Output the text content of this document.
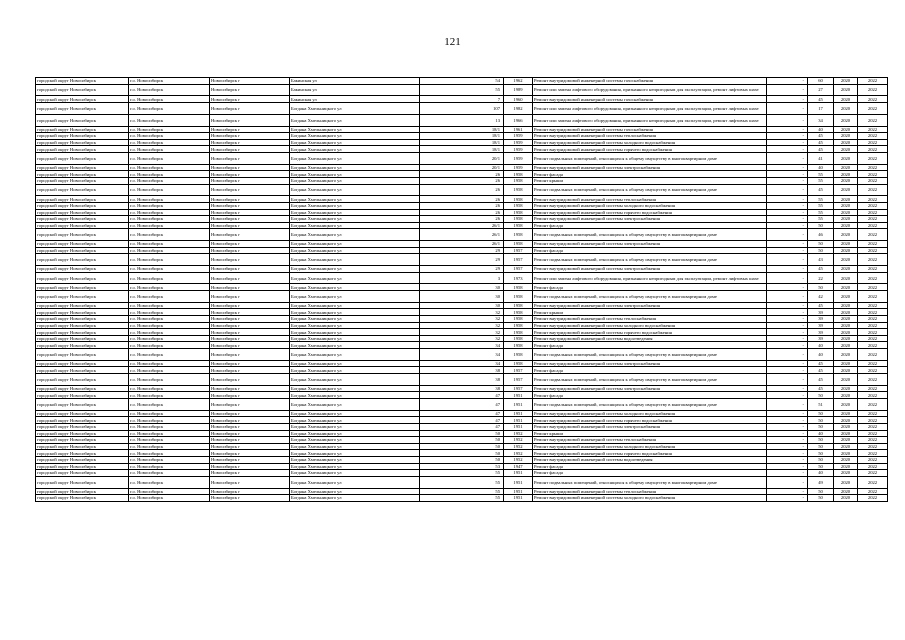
121
городской округ Новосибирск	г.о. Новосибирск	Новосибирск г	Бакинская ул	54	1962	Ремонт внутридомовой инженерной системы газоснабжения	-	60	2020	2022
городской округ Новосибирск	г.о. Новосибирск	Новосибирск г	Бакинская ул	55	1989	Ремонт или замена лифтового оборудования, признанного непригодным для эксплуатации, ремонт лифтовых шахт	-	27	2020	2022
городской округ Новосибирск	г.о. Новосибирск	Новосибирск г	Бакинская ул	7	1960	Ремонт внутридомовой инженерной системы газоснабжения	-	45	2020	2022
городской округ Новосибирск	г.о. Новосибирск	Новосибирск г	Богдана Хмельницкого ул	107	1982	Ремонт или замена лифтового оборудования, признанного непригодным для эксплуатации, ремонт лифтовых шахт	-	17	2020	2022
городской округ Новосибирск	г.о. Новосибирск	Новосибирск г	Богдана Хмельницкого ул	13	1966	Ремонт или замена лифтового оборудования, признанного непригодным для эксплуатации, ремонт лифтовых шахт	-	34	2020	2022
городской округ Новосибирск	г.о. Новосибирск	Новосибирск г	Богдана Хмельницкого ул	18/1	1961	Ремонт внутридомовой инженерной системы газоснабжения	-	40	2020	2022
городской округ Новосибирск	г.о. Новосибирск	Новосибирск г	Богдана Хмельницкого ул	18/1	1959	Ремонт внутридомовой инженерной системы теплоснабжения	-	45	2020	2022
городской округ Новосибирск	г.о. Новосибирск	Новосибирск г	Богдана Хмельницкого ул	18/1	1959	Ремонт внутридомовой инженерной системы холодного водоснабжения	-	45	2020	2022
городской округ Новосибирск	г.о. Новосибирск	Новосибирск г	Богдана Хмельницкого ул	18/1	1959	Ремонт внутридомовой инженерной системы горячего водоснабжения	-	45	2020	2022
городской округ Новосибирск	г.о. Новосибирск	Новосибирск г	Богдана Хмельницкого ул	20/1	1959	Ремонт подвальных помещений, относящихся к общему имуществу в многоквартирном доме	-	41	2020	2022
городской округ Новосибирск	г.о. Новосибирск	Новосибирск г	Богдана Хмельницкого ул	20/1	1959	Ремонт внутридомовой инженерной системы электроснабжения	-	40	2020	2022
городской округ Новосибирск	г.о. Новосибирск	Новосибирск г	Богдана Хмельницкого ул	26	1958	Ремонт фасада	-	55	2020	2022
городской округ Новосибирск	г.о. Новосибирск	Новосибирск г	Богдана Хмельницкого ул	26	1958	Ремонт крыши	-	55	2020	2022
городской округ Новосибирск	г.о. Новосибирск	Новосибирск г	Богдана Хмельницкого ул	26	1958	Ремонт подвальных помещений, относящихся к общему имуществу в многоквартирном доме	-	45	2020	2022
городской округ Новосибирск	г.о. Новосибирск	Новосибирск г	Богдана Хмельницкого ул	26	1958	Ремонт внутридомовой инженерной системы теплоснабжения	-	55	2020	2022
городской округ Новосибирск	г.о. Новосибирск	Новосибирск г	Богдана Хмельницкого ул	26	1958	Ремонт внутридомовой инженерной системы холодного водоснабжения	-	55	2020	2022
городской округ Новосибирск	г.о. Новосибирск	Новосибирск г	Богдана Хмельницкого ул	26	1958	Ремонт внутридомовой инженерной системы горячего водоснабжения	-	55	2020	2022
городской округ Новосибирск	г.о. Новосибирск	Новосибирск г	Богдана Хмельницкого ул	26	1958	Ремонт внутридомовой инженерной системы электроснабжения	-	55	2020	2022
городской округ Новосибирск	г.о. Новосибирск	Новосибирск г	Богдана Хмельницкого ул	26/1	1958	Ремонт фасада	-	50	2020	2022
городской округ Новосибирск	г.о. Новосибирск	Новосибирск г	Богдана Хмельницкого ул	26/1	1958	Ремонт подвальных помещений, относящихся к общему имуществу в многоквартирном доме	-	46	2020	2022
городской округ Новосибирск	г.о. Новосибирск	Новосибирск г	Богдана Хмельницкого ул	26/1	1958	Ремонт внутридомовой инженерной системы электроснабжения	-	50	2020	2022
городской округ Новосибирск	г.о. Новосибирск	Новосибирск г	Богдана Хмельницкого ул	29	1957	Ремонт фасада	-	50	2020	2022
городской округ Новосибирск	г.о. Новосибирск	Новосибирск г	Богдана Хмельницкого ул	29	1957	Ремонт подвальных помещений, относящихся к общему имуществу в многоквартирном доме	-	43	2020	2022
городской округ Новосибирск	г.о. Новосибирск	Новосибирск г	Богдана Хмельницкого ул	29	1957	Ремонт внутридомовой инженерной системы электроснабжения	-	45	2020	2022
городской округ Новосибирск	г.о. Новосибирск	Новосибирск г	Богдана Хмельницкого ул	3	1973	Ремонт или замена лифтового оборудования, признанного непригодным для эксплуатации, ремонт лифтовых шахт	-	22	2020	2022
городской округ Новосибирск	г.о. Новосибирск	Новосибирск г	Богдана Хмельницкого ул	30	1958	Ремонт фасада	-	50	2020	2022
городской округ Новосибирск	г.о. Новосибирск	Новосибирск г	Богдана Хмельницкого ул	30	1958	Ремонт подвальных помещений, относящихся к общему имуществу в многоквартирном доме	-	42	2020	2022
городской округ Новосибирск	г.о. Новосибирск	Новосибирск г	Богдана Хмельницкого ул	30	1958	Ремонт внутридомовой инженерной системы электроснабжения	-	45	2020	2022
городской округ Новосибирск	г.о. Новосибирск	Новосибирск г	Богдана Хмельницкого ул	32	1958	Ремонт крыши	-	39	2020	2022
городской округ Новосибирск	г.о. Новосибирск	Новосибирск г	Богдана Хмельницкого ул	32	1958	Ремонт внутридомовой инженерной системы теплоснабжения	-	39	2020	2022
городской округ Новосибирск	г.о. Новосибирск	Новосибирск г	Богдана Хмельницкого ул	32	1958	Ремонт внутридомовой инженерной системы холодного водоснабжения	-	39	2020	2022
городской округ Новосибирск	г.о. Новосибирск	Новосибирск г	Богдана Хмельницкого ул	32	1958	Ремонт внутридомовой инженерной системы горячего водоснабжения	-	39	2020	2022
городской округ Новосибирск	г.о. Новосибирск	Новосибирск г	Богдана Хмельницкого ул	32	1958	Ремонт внутридомовой инженерной системы водоотведения	-	39	2020	2022
городской округ Новосибирск	г.о. Новосибирск	Новосибирск г	Богдана Хмельницкого ул	34	1958	Ремонт фасада	-	40	2020	2022
городской округ Новосибирск	г.о. Новосибирск	Новосибирск г	Богдана Хмельницкого ул	34	1958	Ремонт подвальных помещений, относящихся к общему имуществу в многоквартирном доме	-	40	2020	2022
городской округ Новосибирск	г.о. Новосибирск	Новосибирск г	Богдана Хмельницкого ул	34	1958	Ремонт внутридомовой инженерной системы электроснабжения	-	45	2020	2022
городской округ Новосибирск	г.о. Новосибирск	Новосибирск г	Богдана Хмельницкого ул	38	1957	Ремонт фасада	-	45	2020	2022
городской округ Новосибирск	г.о. Новосибирск	Новосибирск г	Богдана Хмельницкого ул	38	1957	Ремонт подвальных помещений, относящихся к общему имуществу в многоквартирном доме	-	45	2020	2022
городской округ Новосибирск	г.о. Новосибирск	Новосибирск г	Богдана Хмельницкого ул	38	1957	Ремонт внутридомовой инженерной системы электроснабжения	-	45	2020	2022
городской округ Новосибирск	г.о. Новосибирск	Новосибирск г	Богдана Хмельницкого ул	47	1951	Ремонт фасада	-	50	2020	2022
городской округ Новосибирск	г.о. Новосибирск	Новосибирск г	Богдана Хмельницкого ул	47	1951	Ремонт подвальных помещений, относящихся к общему имуществу в многоквартирном доме	-	51	2020	2022
городской округ Новосибирск	г.о. Новосибирск	Новосибирск г	Богдана Хмельницкого ул	47	1951	Ремонт внутридомовой инженерной системы холодного водоснабжения	-	50	2020	2022
городской округ Новосибирск	г.о. Новосибирск	Новосибирск г	Богдана Хмельницкого ул	47	1951	Ремонт внутридомовой инженерной системы горячего водоснабжения	-	50	2020	2022
городской округ Новосибирск	г.о. Новосибирск	Новосибирск г	Богдана Хмельницкого ул	47	1951	Ремонт внутридомовой инженерной системы электроснабжения	-	50	2020	2022
городской округ Новосибирск	г.о. Новосибирск	Новосибирск г	Богдана Хмельницкого ул	50	1952	Ремонт крыши	-	40	2020	2022
городской округ Новосибирск	г.о. Новосибирск	Новосибирск г	Богдана Хмельницкого ул	50	1952	Ремонт внутридомовой инженерной системы теплоснабжения	-	50	2020	2022
городской округ Новосибирск	г.о. Новосибирск	Новосибирск г	Богдана Хмельницкого ул	50	1952	Ремонт внутридомовой инженерной системы холодного водоснабжения	-	50	2020	2022
городской округ Новосибирск	г.о. Новосибирск	Новосибирск г	Богдана Хмельницкого ул	50	1952	Ремонт внутридомовой инженерной системы горячего водоснабжения	-	50	2020	2022
городской округ Новосибирск	г.о. Новосибирск	Новосибирск г	Богдана Хмельницкого ул	50	1952	Ремонт внутридомовой инженерной системы водоотведения	-	50	2020	2022
городской округ Новосибирск	г.о. Новосибирск	Новосибирск г	Богдана Хмельницкого ул	53	1947	Ремонт фасада	-	50	2020	2022
городской округ Новосибирск	г.о. Новосибирск	Новосибирск г	Богдана Хмельницкого ул	55	1951	Ремонт фасада	-	40	2020	2022
городской округ Новосибирск	г.о. Новосибирск	Новосибирск г	Богдана Хмельницкого ул	55	1951	Ремонт подвальных помещений, относящихся к общему имуществу в многоквартирном доме	-	49	2020	2022
городской округ Новосибирск	г.о. Новосибирск	Новосибирск г	Богдана Хмельницкого ул	55	1951	Ремонт внутридомовой инженерной системы теплоснабжения	-	50	2020	2022
городской округ Новосибирск	г.о. Новосибирск	Новосибирск г	Богдана Хмельницкого ул	55	1951	Ремонт внутридомовой инженерной системы холодного водоснабжения	-	50	2020	2022
